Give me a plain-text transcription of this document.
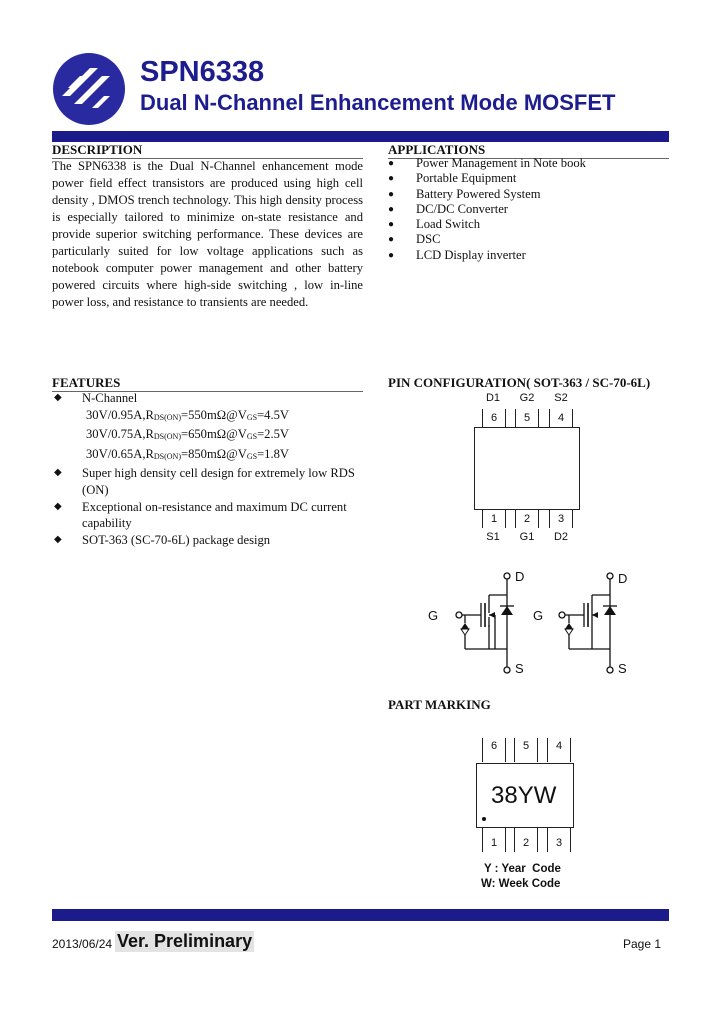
SPN6338
Dual N-Channel Enhancement Mode MOSFET
DESCRIPTION
The SPN6338 is the Dual N-Channel enhancement mode power field effect transistors are produced using high cell density , DMOS trench technology. This high density process is especially tailored to minimize on-state resistance and provide superior switching performance. These devices are particularly suited for low voltage applications such as notebook computer power management and other battery powered circuits where high-side switching , low in-line power loss, and resistance to transients are needed.
APPLICATIONS
● Power Management in Note book
● Portable Equipment
● Battery Powered System
● DC/DC Converter
● Load Switch
● DSC
● LCD Display inverter
FEATURES
◆ N-Channel
$30V/0.95A,R_{DS(ON)}=550m\Omega@V_{GS}=4.5V$
$30V/0.75A,R_{DS(ON)}=650m\Omega@V_{GS}=2.5V$
$30V/0.65A,R_{DS(ON)}=850m\Omega@V_{GS}=1.8V$
◆ Super high density cell design for extremely low RDS (ON)
◆ Exceptional on-resistance and maximum DC current capability
◆ SOT-363 (SC-70-6L) package design
PIN CONFIGURATION( SOT-363 / SC-70-6L)
D1	G2	S2
6	5	4
1	2	3
S1	G1	D2
D
S
G
D
S
G
PART MARKING
6	5	4
38YW
1	2	3
Y : Year  Code
W: Week Code
2013/06/24 Ver. Preliminary	Page 1
